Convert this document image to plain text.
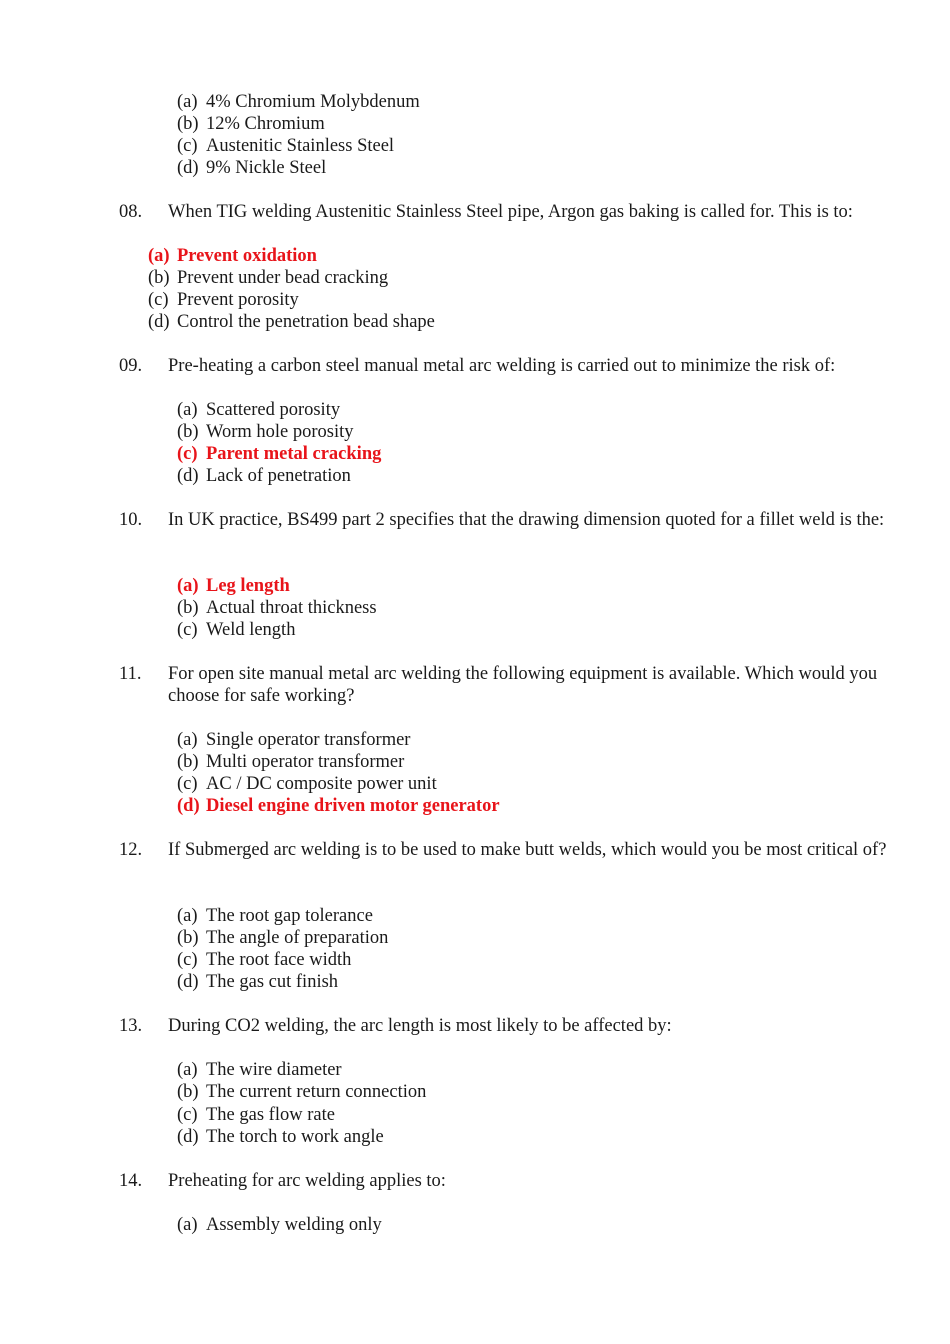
(a) 4% Chromium Molybdenum
(b) 12% Chromium
(c) Austenitic Stainless Steel
(d) 9% Nickle Steel
08. When TIG welding Austenitic Stainless Steel pipe, Argon gas baking is called for. This is to:
(a) Prevent oxidation
(b) Prevent under bead cracking
(c) Prevent porosity
(d) Control the penetration bead shape
09. Pre-heating a carbon steel manual metal arc welding is carried out to minimize the risk of:
(a) Scattered porosity
(b) Worm hole porosity
(c) Parent metal cracking
(d) Lack of penetration
10. In UK practice, BS499 part 2 specifies that the drawing dimension quoted for a fillet weld is the:
(a) Leg length
(b) Actual throat thickness
(c) Weld length
11. For open site manual metal arc welding the following equipment is available. Which would you choose for safe working?
(a) Single operator transformer
(b) Multi operator transformer
(c) AC / DC composite power unit
(d) Diesel engine driven motor generator
12. If Submerged arc welding is to be used to make butt welds, which would you be most critical of?
(a) The root gap tolerance
(b) The angle of preparation
(c) The root face width
(d) The gas cut finish
13. During CO2 welding, the arc length is most likely to be affected by:
(a) The wire diameter
(b) The current return connection
(c) The gas flow rate
(d) The torch to work angle
14. Preheating for arc welding applies to:
(a) Assembly welding only
